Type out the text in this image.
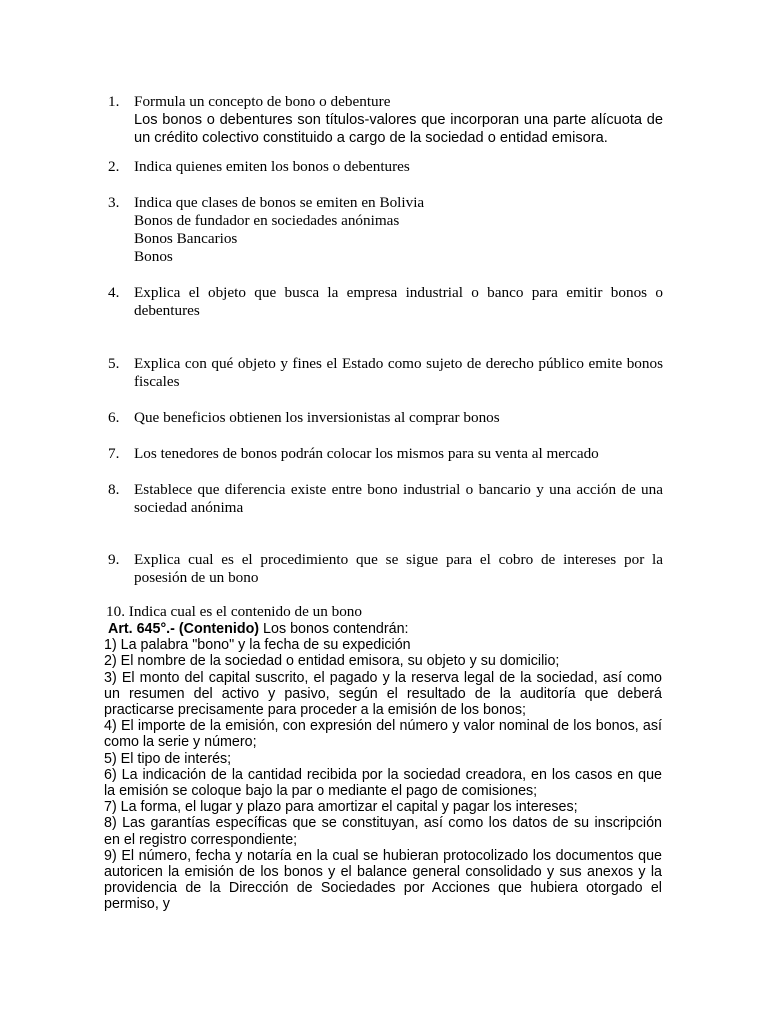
1. Formula un concepto de bono o debenture
Los bonos o debentures son títulos-valores que incorporan una parte alícuota de un crédito colectivo constituido a cargo de la sociedad o entidad emisora.
2. Indica quienes emiten los bonos o debentures
3. Indica que clases de bonos se emiten en Bolivia
Bonos de fundador en sociedades anónimas
Bonos Bancarios
Bonos
4. Explica el objeto que busca la empresa industrial o banco para emitir bonos o debentures
5. Explica con qué objeto y fines el Estado como sujeto de derecho público emite bonos fiscales
6. Que beneficios obtienen los inversionistas al comprar bonos
7. Los tenedores de bonos podrán colocar los mismos para su venta al mercado
8. Establece que diferencia existe entre bono industrial o bancario y una acción de una sociedad anónima
9. Explica cual es el procedimiento que se sigue para el cobro de intereses por la posesión de un bono
10. Indica cual es el contenido de un bono
Art. 645°.- (Contenido) Los bonos contendrán:
1) La palabra "bono" y la fecha de su expedición
2) El nombre de la sociedad o entidad emisora, su objeto y su domicilio;
3) El monto del capital suscrito, el pagado y la reserva legal de la sociedad, así como un resumen del activo y pasivo, según el resultado de la auditoría que deberá practicarse precisamente para proceder a la emisión de los bonos;
4) El importe de la emisión, con expresión del número y valor nominal de los bonos, así como la serie y número;
5) El tipo de interés;
6) La indicación de la cantidad recibida por la sociedad creadora, en los casos en que la emisión se coloque bajo la par o mediante el pago de comisiones;
7) La forma, el lugar y plazo para amortizar el capital y pagar los intereses;
8) Las garantías específicas que se constituyan, así como los datos de su inscripción en el registro correspondiente;
9) El número, fecha y notaría en la cual se hubieran protocolizado los documentos que autoricen la emisión de los bonos y el balance general consolidado y sus anexos y la providencia de la Dirección de Sociedades por Acciones que hubiera otorgado el permiso, y
